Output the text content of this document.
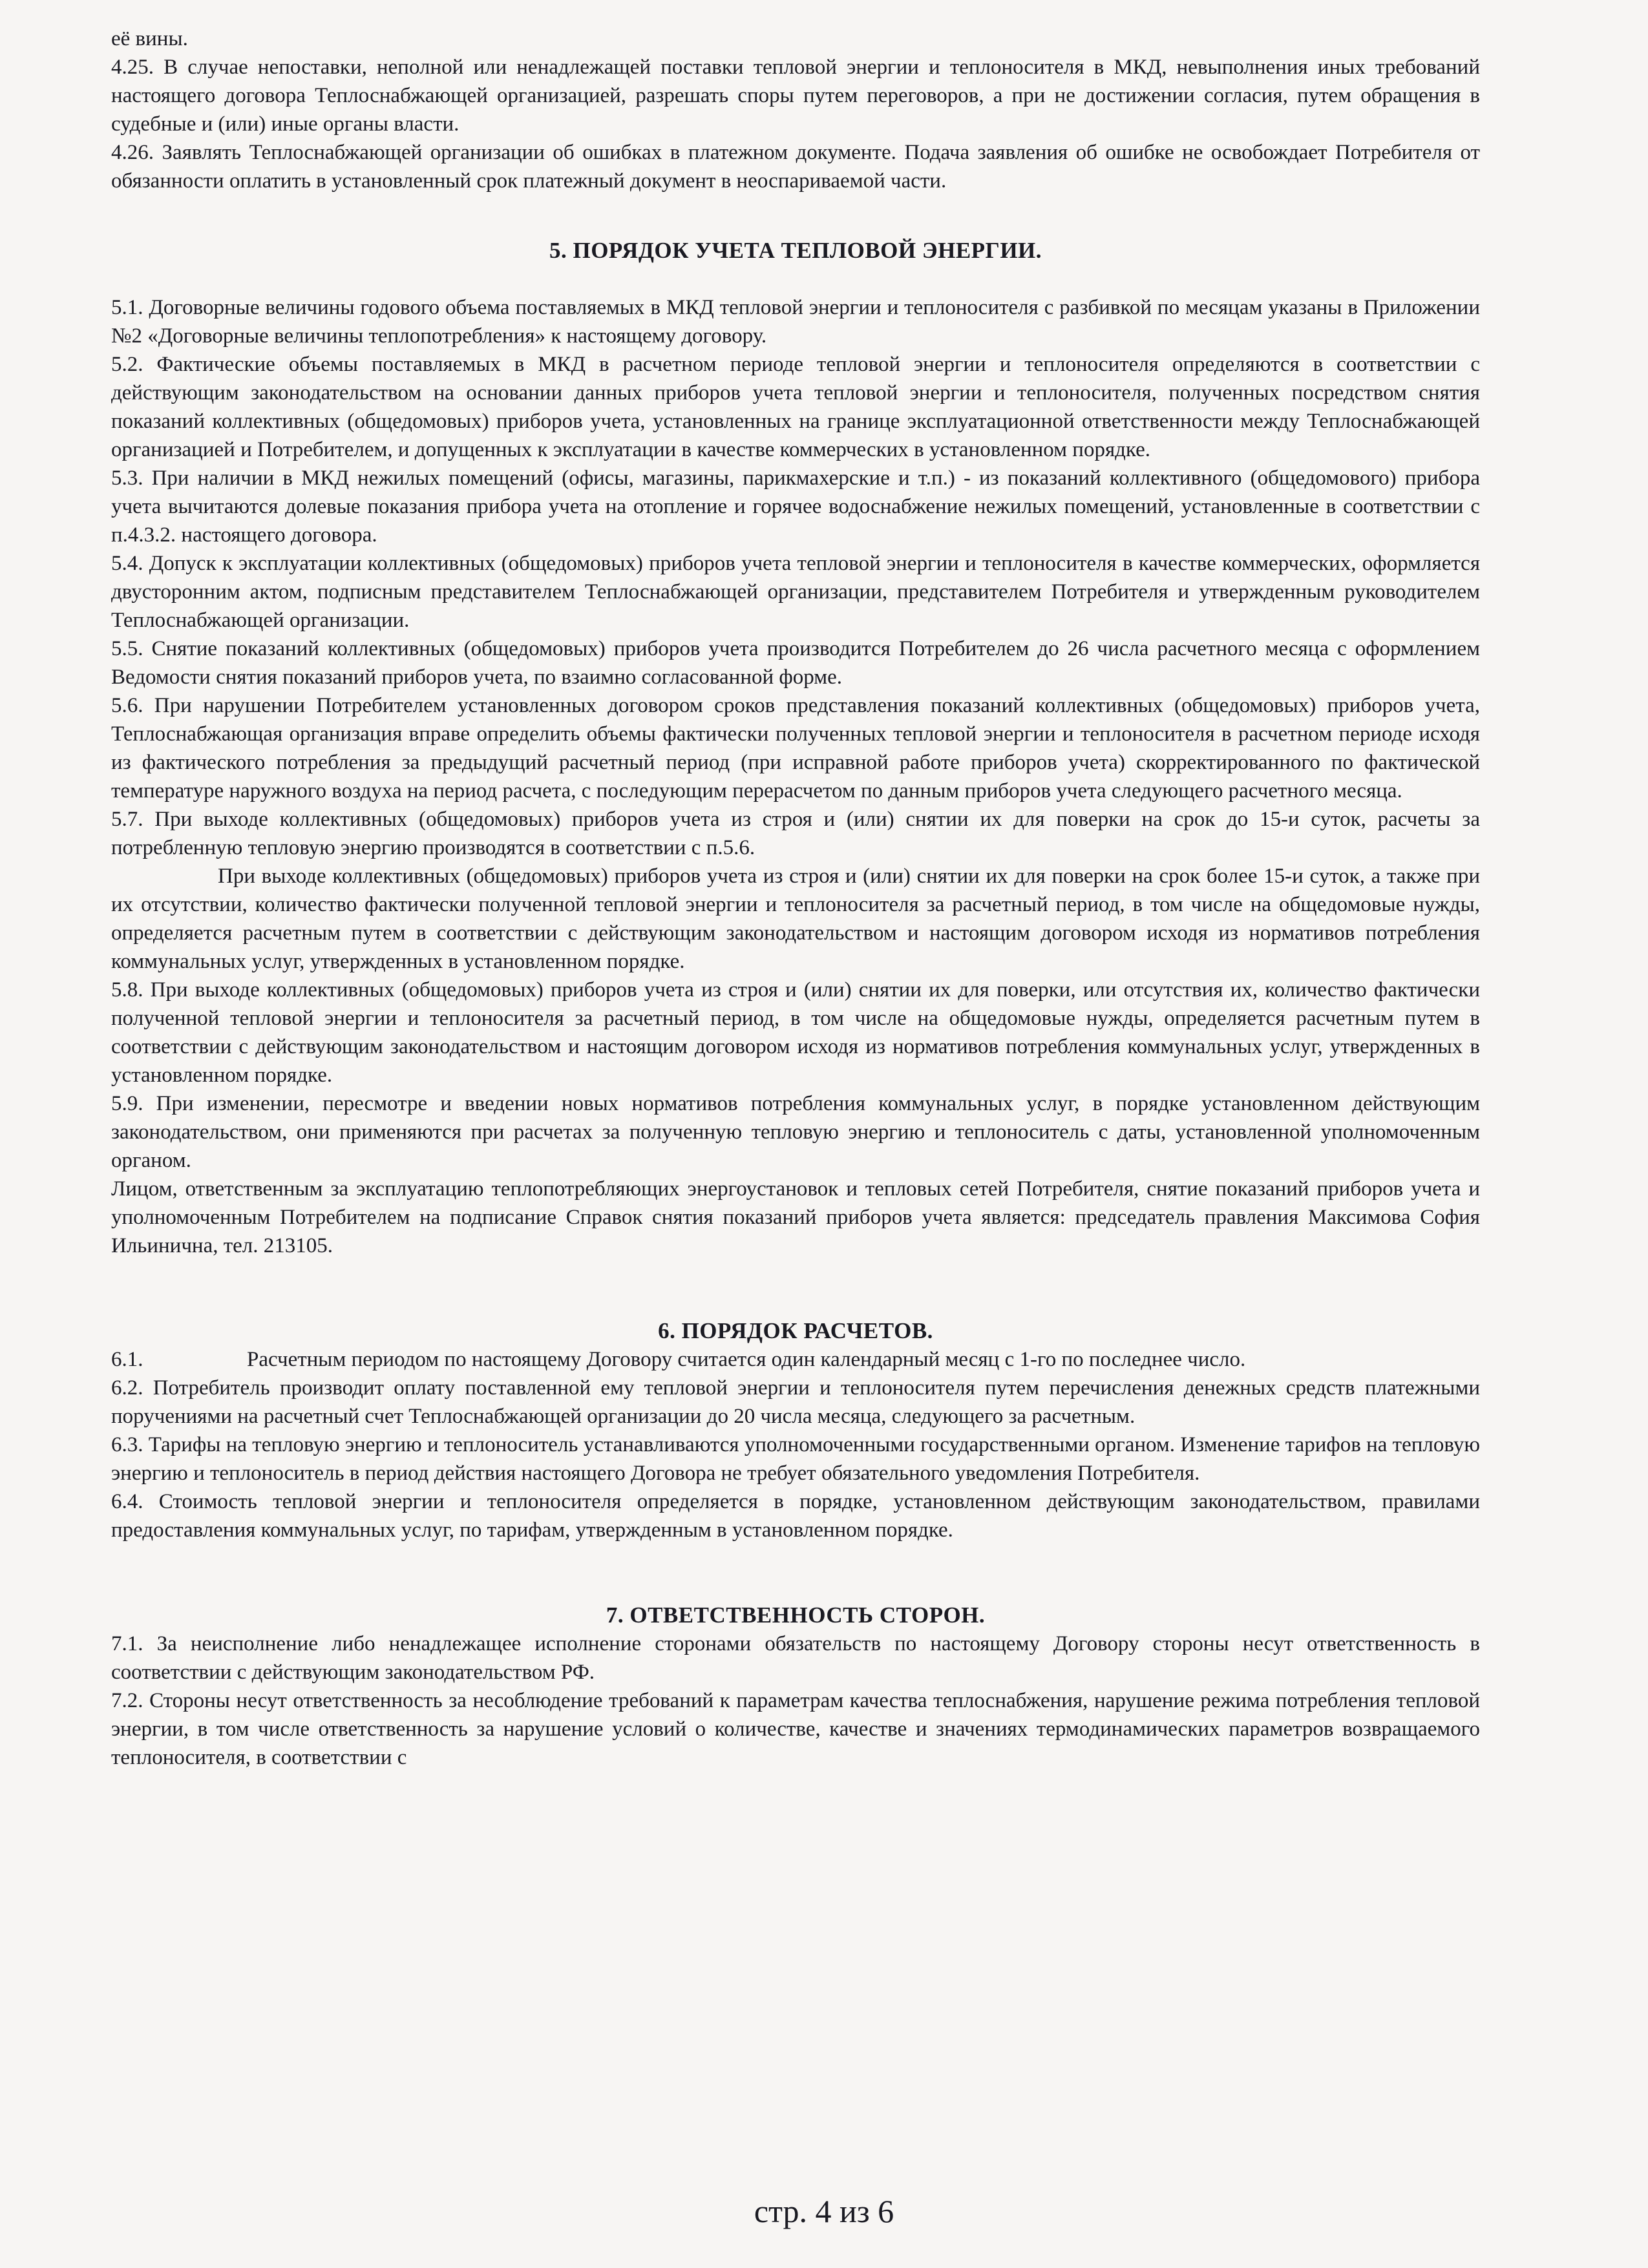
её вины.

4.25. В случае непоставки, неполной или ненадлежащей поставки тепловой энергии и теплоносителя в МКД, невыполнения иных требований настоящего договора Теплоснабжающей организацией, разрешать споры путем переговоров, а при не достижении согласия, путем обращения в судебные и (или) иные органы власти.

4.26. Заявлять Теплоснабжающей организации об ошибках в платежном документе. Подача заявления об ошибке не освобождает Потребителя от обязанности оплатить в установленный срок платежный документ в неоспариваемой части.

5. ПОРЯДОК УЧЕТА ТЕПЛОВОЙ ЭНЕРГИИ.

5.1. Договорные величины годового объема поставляемых в МКД тепловой энергии и теплоносителя с разбивкой по месяцам указаны в Приложении №2 «Договорные величины теплопотребления» к настоящему договору.

5.2. Фактические объемы поставляемых в МКД в расчетном периоде тепловой энергии и теплоносителя определяются в соответствии с действующим законодательством на основании данных приборов учета тепловой энергии и теплоносителя, полученных посредством снятия показаний коллективных (общедомовых) приборов учета, установленных на границе эксплуатационной ответственности между Теплоснабжающей организацией и Потребителем, и допущенных к эксплуатации в качестве коммерческих в установленном порядке.

5.3. При наличии в МКД нежилых помещений (офисы, магазины, парикмахерские и т.п.) - из показаний коллективного (общедомового) прибора учета вычитаются долевые показания прибора учета на отопление и горячее водоснабжение нежилых помещений, установленные в соответствии с п.4.3.2. настоящего договора.

5.4. Допуск к эксплуатации коллективных (общедомовых) приборов учета тепловой энергии и теплоносителя в качестве коммерческих, оформляется двусторонним актом, подписным представителем Теплоснабжающей организации, представителем Потребителя и утвержденным руководителем Теплоснабжающей организации.

5.5. Снятие показаний коллективных (общедомовых) приборов учета производится Потребителем до 26 числа расчетного месяца с оформлением Ведомости снятия показаний приборов учета, по взаимно согласованной форме.

5.6. При нарушении Потребителем установленных договором сроков представления показаний коллективных (общедомовых) приборов учета, Теплоснабжающая организация вправе определить объемы фактически полученных тепловой энергии и теплоносителя в расчетном периоде исходя из фактического потребления за предыдущий расчетный период (при исправной работе приборов учета) скорректированного по фактической температуре наружного воздуха на период расчета, с последующим перерасчетом по данным приборов учета следующего расчетного месяца.

5.7. При выходе коллективных (общедомовых) приборов учета из строя и (или) снятии их для поверки на срок до 15-и суток, расчеты за потребленную тепловую энергию производятся в соответствии с п.5.6.

При выходе коллективных (общедомовых) приборов учета из строя и (или) снятии их для поверки на срок более 15-и суток, а также при их отсутствии, количество фактически полученной тепловой энергии и теплоносителя за расчетный период, в том числе на общедомовые нужды, определяется расчетным путем в соответствии с действующим законодательством и настоящим договором исходя из нормативов потребления коммунальных услуг, утвержденных в установленном порядке.

5.8. При выходе коллективных (общедомовых) приборов учета из строя и (или) снятии их для поверки, или отсутствия их, количество фактически полученной тепловой энергии и теплоносителя за расчетный период, в том числе на общедомовые нужды, определяется расчетным путем в соответствии с действующим законодательством и настоящим договором исходя из нормативов потребления коммунальных услуг, утвержденных в установленном порядке.

5.9. При изменении, пересмотре и введении новых нормативов потребления коммунальных услуг, в порядке установленном действующим законодательством, они применяются при расчетах за полученную тепловую энергию и теплоноситель с даты, установленной уполномоченным органом.

Лицом, ответственным за эксплуатацию теплопотребляющих энергоустановок и тепловых сетей Потребителя, снятие показаний приборов учета и уполномоченным Потребителем на подписание Справок снятия показаний приборов учета является: председатель правления Максимова София Ильинична, тел. 213105.

6. ПОРЯДОК РАСЧЕТОВ.

6.1.	Расчетным периодом по настоящему Договору считается один календарный месяц с 1-го по последнее число.

6.2. Потребитель производит оплату поставленной ему тепловой энергии и теплоносителя путем перечисления денежных средств платежными поручениями на расчетный счет Теплоснабжающей организации до 20 числа месяца, следующего за расчетным.

6.3. Тарифы на тепловую энергию и теплоноситель устанавливаются уполномоченными государственными органом. Изменение тарифов на тепловую энергию и теплоноситель в период действия настоящего Договора не требует обязательного уведомления Потребителя.

6.4. Стоимость тепловой энергии и теплоносителя определяется в порядке, установленном действующим законодательством, правилами предоставления коммунальных услуг, по тарифам, утвержденным в установленном порядке.

7. ОТВЕТСТВЕННОСТЬ СТОРОН.

7.1. За неисполнение либо ненадлежащее исполнение сторонами обязательств по настоящему Договору стороны несут ответственность в соответствии с действующим законодательством РФ.

7.2. Стороны несут ответственность за несоблюдение требований к параметрам качества теплоснабжения, нарушение режима потребления тепловой энергии, в том числе ответственность за нарушение условий о количестве, качестве и значениях термодинамических параметров возвращаемого теплоносителя, в соответствии с

стр. 4 из 6
